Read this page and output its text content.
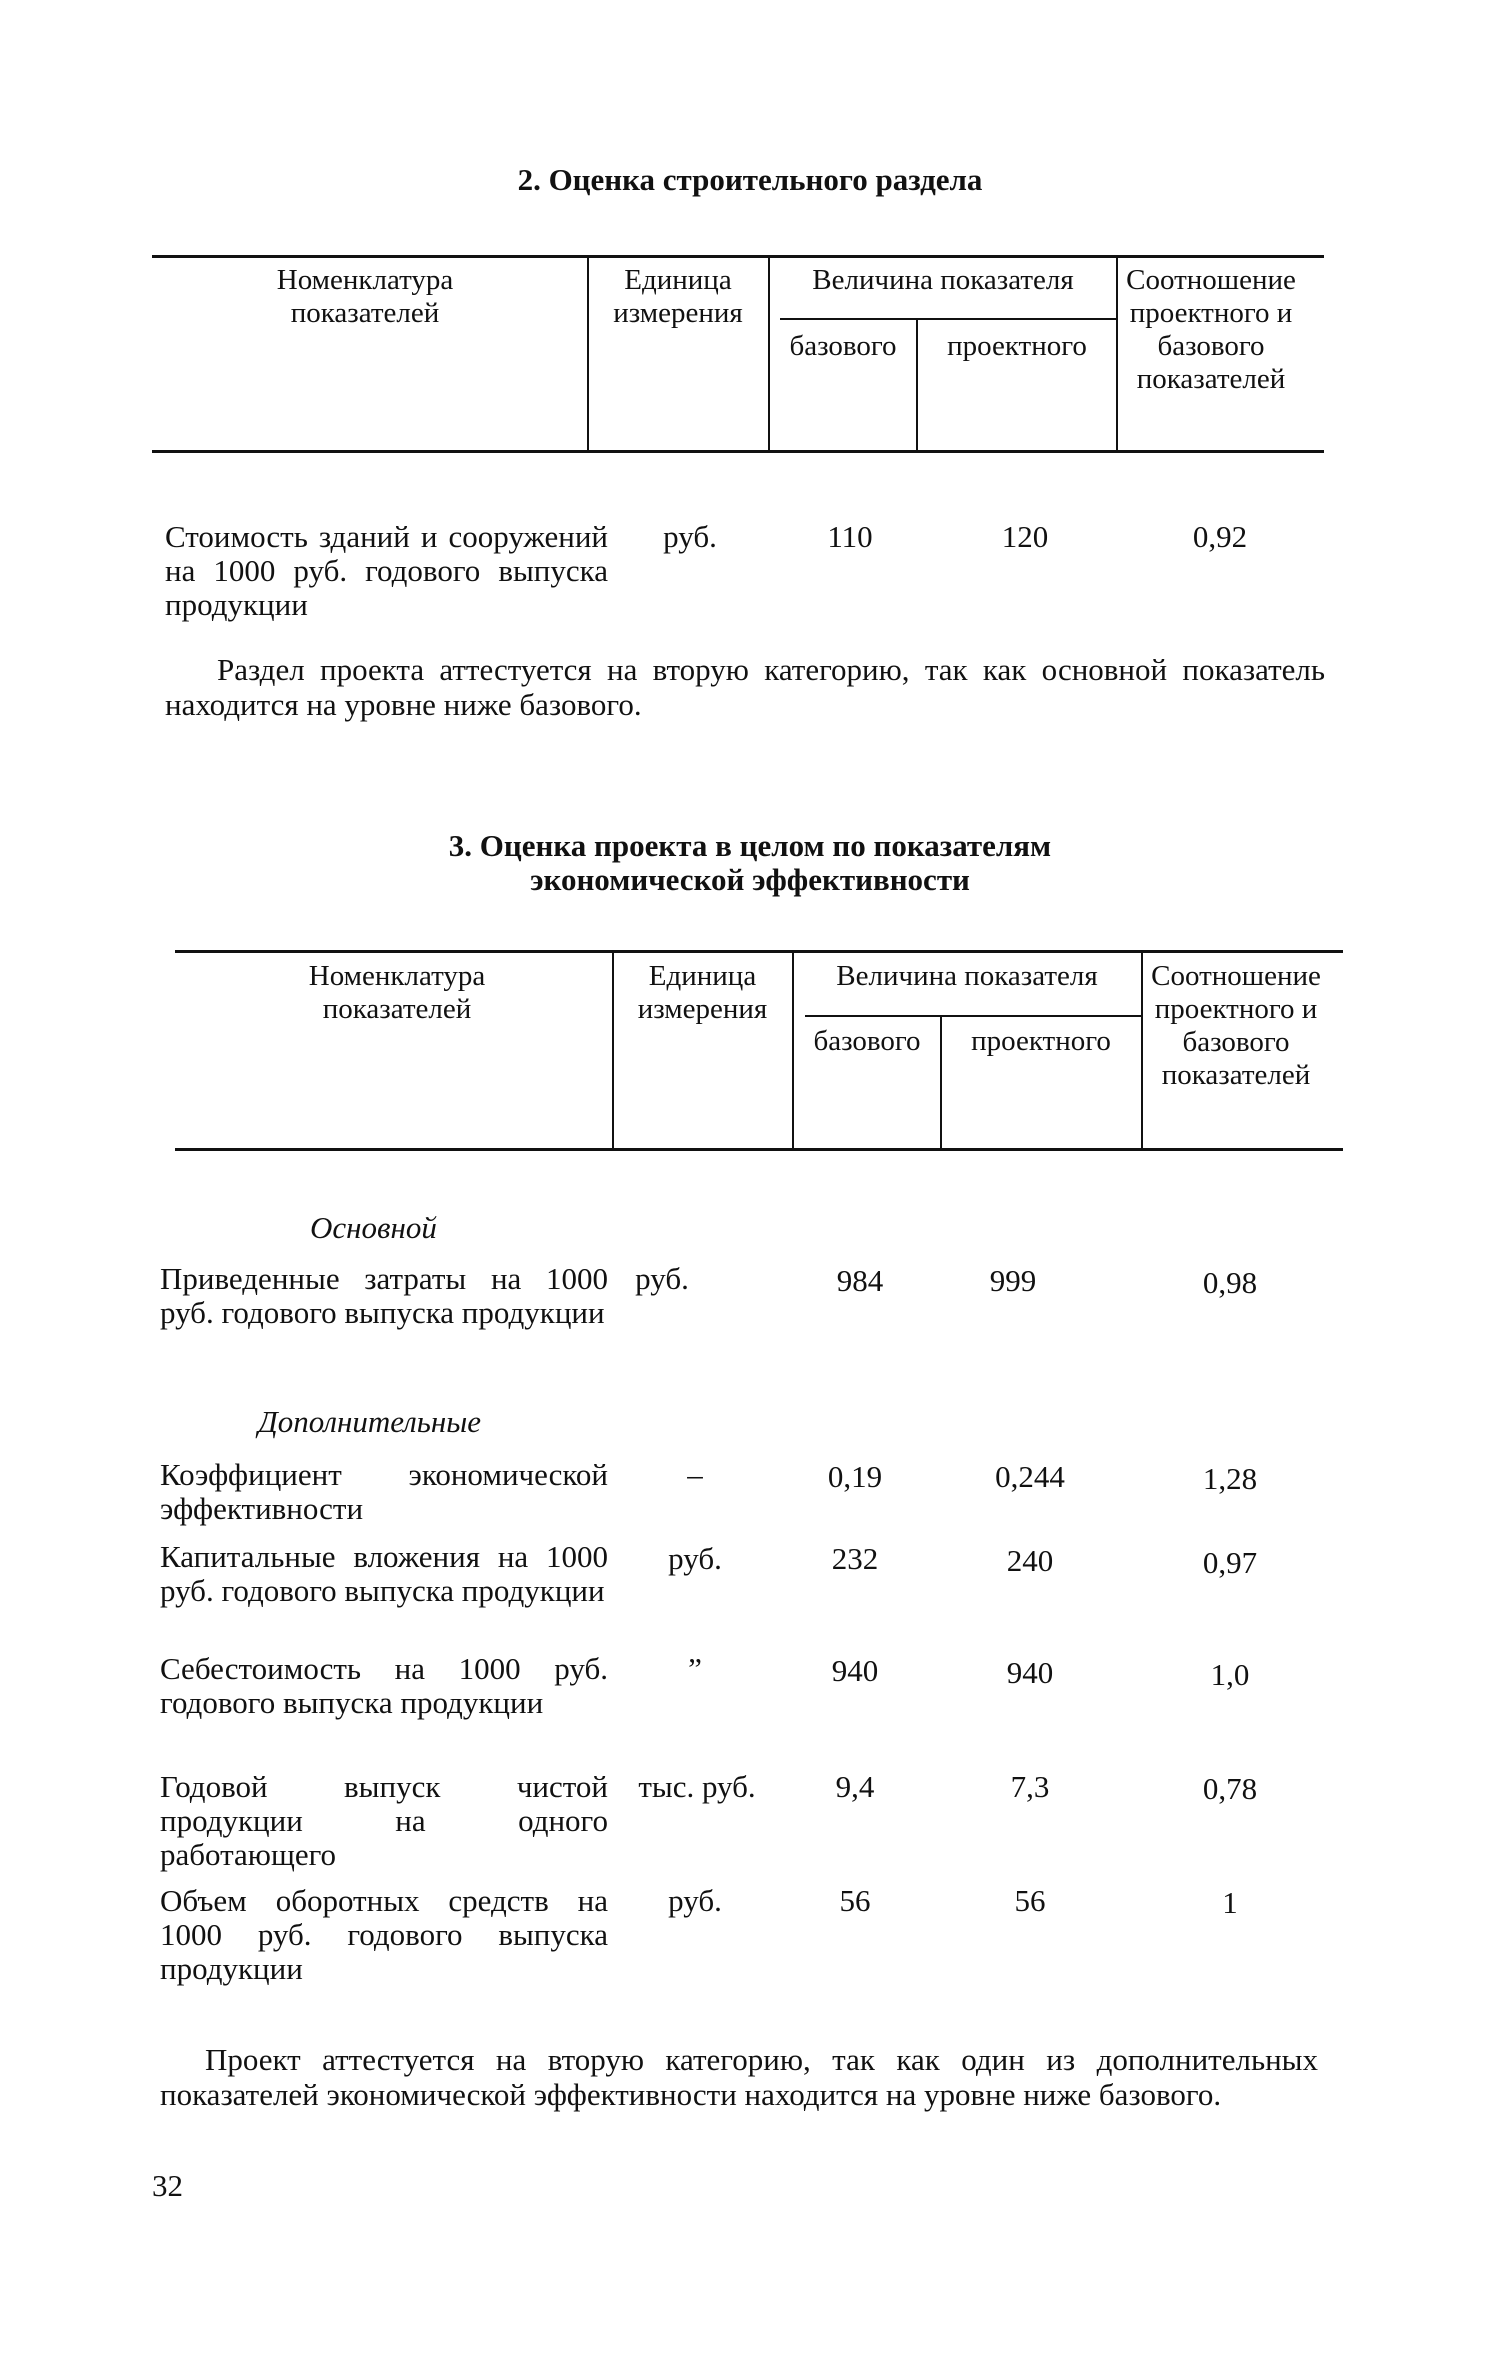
2. Оценка строительного раздела
Номенклатура показателей
Единица измерения
Величина показателя
базового	проектного
Соотношение проектного и базового показателей
Стоимость зданий и сооружений на 1000 руб. годового выпуска продукции
руб.	110	120	0,92
Раздел проекта аттестуется на вторую категорию, так как основной показатель находится на уровне ниже базового.
3. Оценка проекта в целом по показателям
экономической эффективности
Номенклатура показателей
Единица измерения
Величина показателя
базового	проектного
Соотношение проектного и базового показателей
Основной
Приведенные затраты на 1000 руб. годового выпуска продукции
руб.	984	999	0,98
Дополнительные
Коэффициент экономической эффективности
–	0,19	0,244	1,28
Капитальные вложения на 1000 руб. годового выпуска продукции
руб.	232	240	0,97
Себестоимость на 1000 руб. годового выпуска продукции
”	940	940	1,0
Годовой выпуск чистой продукции на одного работающего
тыс. руб.	9,4	7,3	0,78
Объем оборотных средств на 1000 руб. годового выпуска продукции
руб.	56	56	1
Проект аттестуется на вторую категорию, так как один из дополнительных показателей экономической эффективности находится на уровне ниже базового.
32
